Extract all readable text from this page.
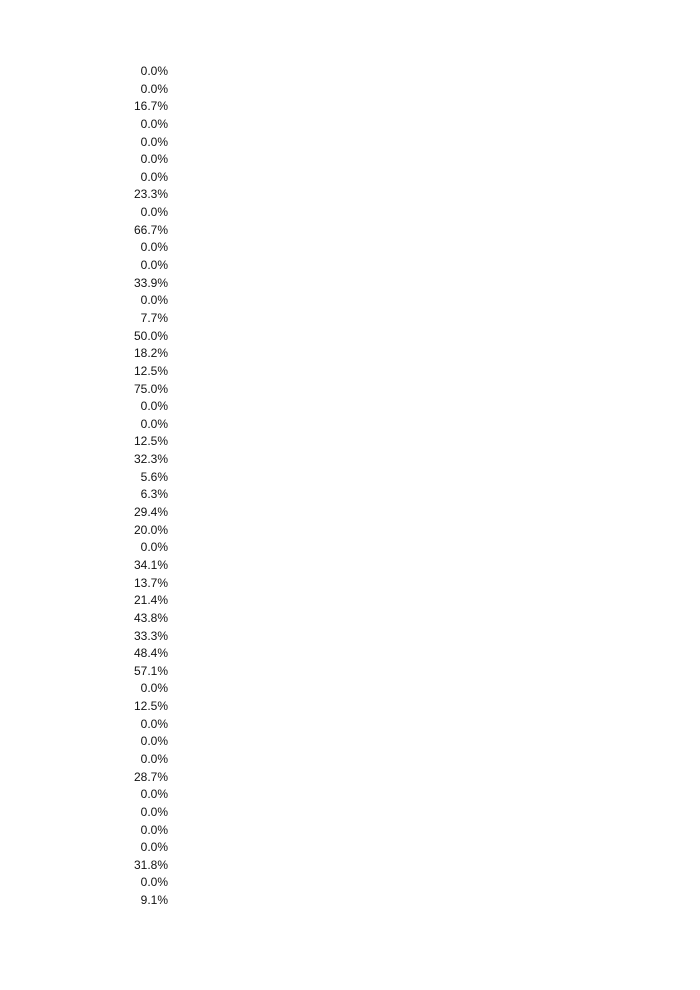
0.0%
0.0%
16.7%
0.0%
0.0%
0.0%
0.0%
23.3%
0.0%
66.7%
0.0%
0.0%
33.9%
0.0%
7.7%
50.0%
18.2%
12.5%
75.0%
0.0%
0.0%
12.5%
32.3%
5.6%
6.3%
29.4%
20.0%
0.0%
34.1%
13.7%
21.4%
43.8%
33.3%
48.4%
57.1%
0.0%
12.5%
0.0%
0.0%
0.0%
28.7%
0.0%
0.0%
0.0%
0.0%
31.8%
0.0%
9.1%
